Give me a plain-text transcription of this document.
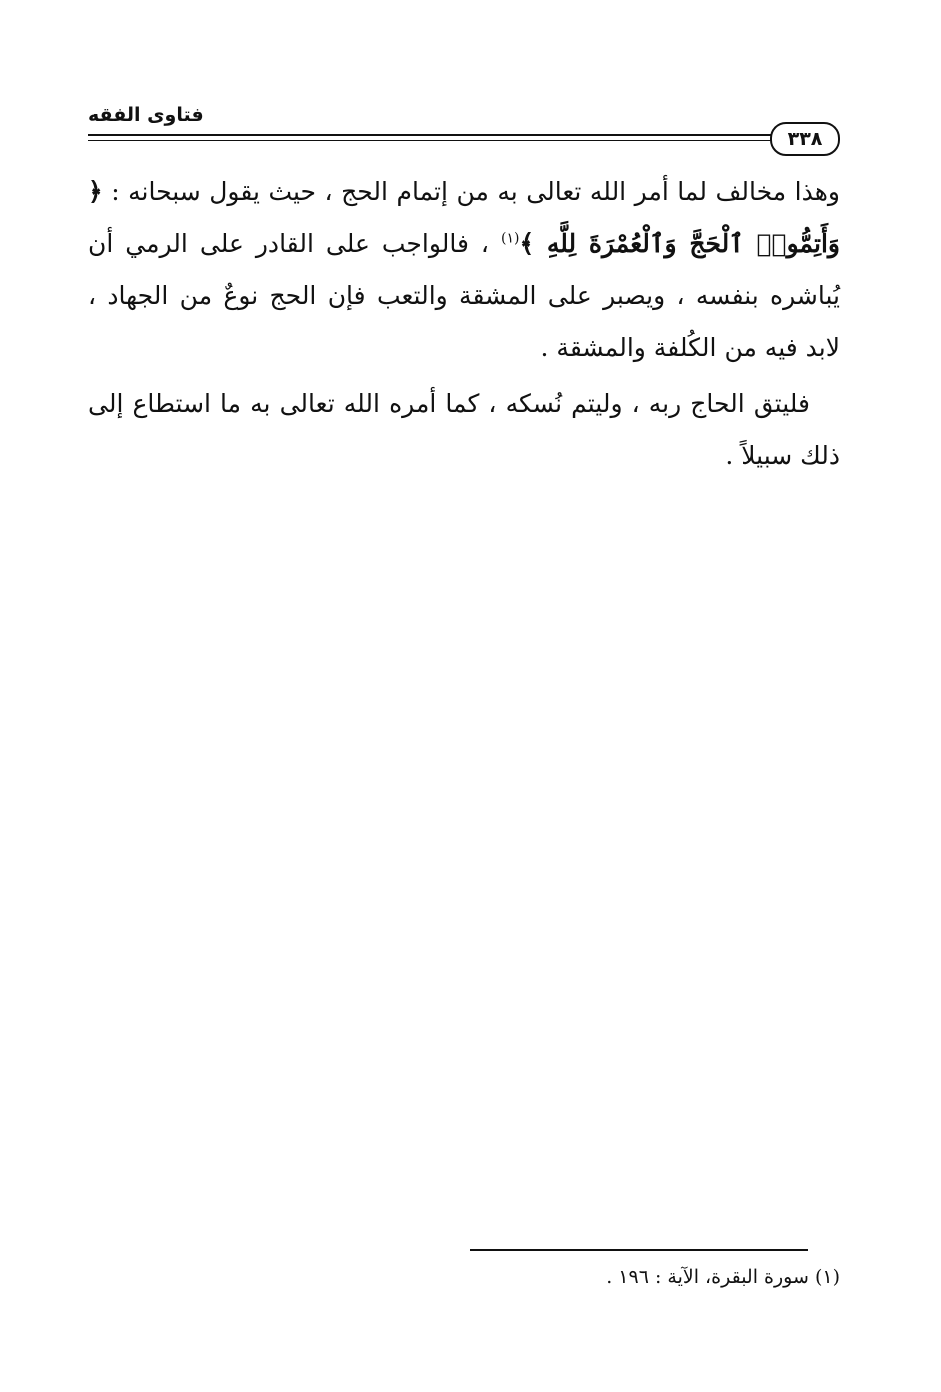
فتاوى الفقه
٣٣٨

وهذا مخالف لما أمر الله تعالى به من إتمام الحج ، حيث يقول سبحانه : ﴿ وَأَتِمُّوا۟ ٱلْحَجَّ وَٱلْعُمْرَةَ لِلَّهِ ﴾$^{(١)}$ ، فالواجب على القادر على الرمي أن يُباشره بنفسه ، ويصبر على المشقة والتعب فإن الحج نوعٌ من الجهاد ، لابد فيه من الكُلفة والمشقة .

فليتق الحاج ربه ، وليتم نُسكه ، كما أمره الله تعالى به ما استطاع إلى ذلك سبيلاً .

(١) سورة البقرة، الآية : ١٩٦ .
